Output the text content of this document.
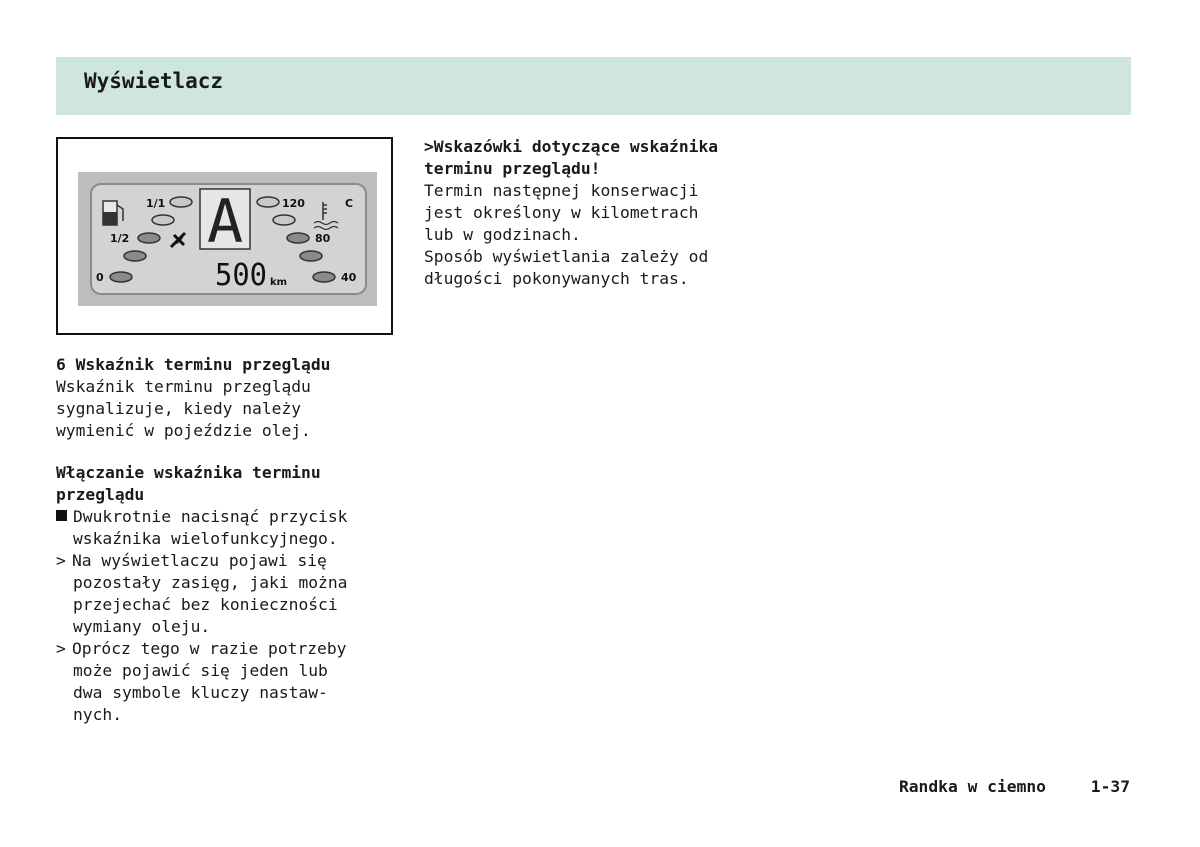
Wyświetlacz
A
1/1
1/2
0
120
80
40
C
500 km
>Wskazówki dotyczące wskaźnika
terminu przeglądu!
Termin następnej konserwacji
jest określony w kilometrach
lub w godzinach.
Sposób wyświetlania zależy od
długości pokonywanych tras.
6 Wskaźnik terminu przeglądu
Wskaźnik terminu przeglądu
sygnalizuje, kiedy należy
wymienić w pojeździe olej.
Włączanie wskaźnika terminu
przeglądu
Dwukrotnie nacisnąć przycisk
wskaźnika wielofunkcyjnego.
> Na wyświetlaczu pojawi się
pozostały zasięg, jaki można
przejechać bez konieczności
wymiany oleju.
> Oprócz tego w razie potrzeby
może pojawić się jeden lub
dwa symbole kluczy nastaw-
nych.
Randka w ciemno	1-37
